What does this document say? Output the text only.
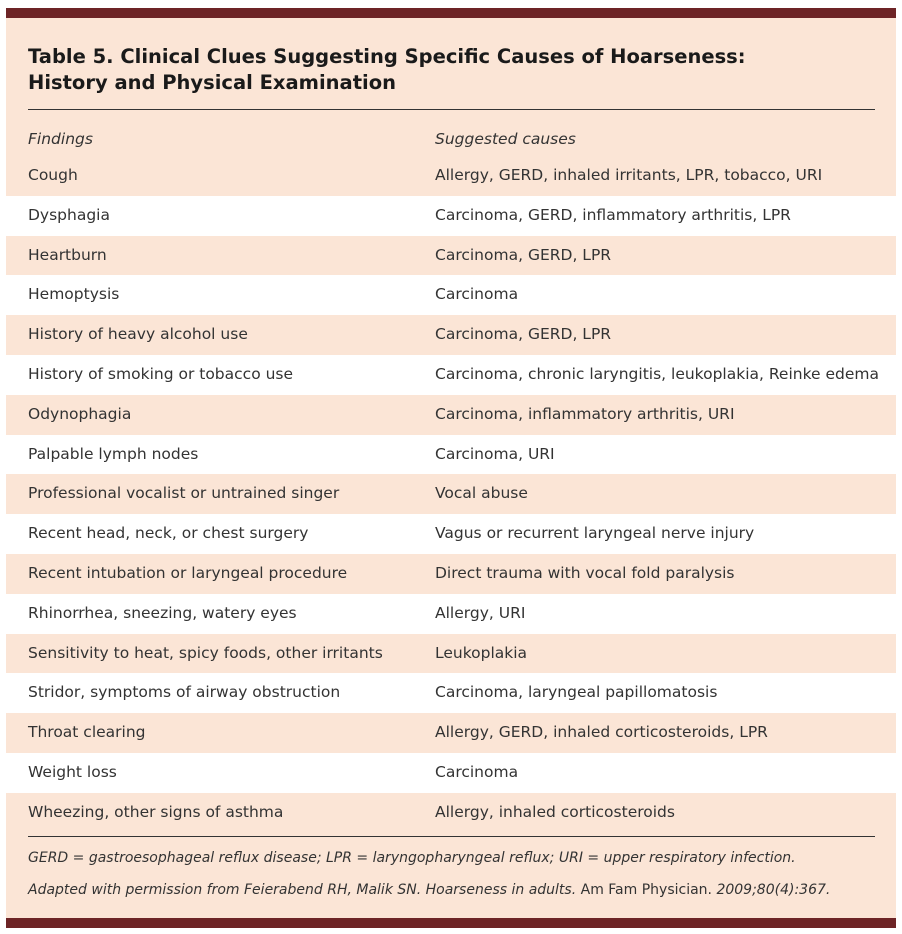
Table 5. Clinical Clues Suggesting Specific Causes of Hoarseness:
History and Physical Examination
Findings	Suggested causes
Cough	Allergy, GERD, inhaled irritants, LPR, tobacco, URI
Dysphagia	Carcinoma, GERD, inflammatory arthritis, LPR
Heartburn	Carcinoma, GERD, LPR
Hemoptysis	Carcinoma
History of heavy alcohol use	Carcinoma, GERD, LPR
History of smoking or tobacco use	Carcinoma, chronic laryngitis, leukoplakia, Reinke edema
Odynophagia	Carcinoma, inflammatory arthritis, URI
Palpable lymph nodes	Carcinoma, URI
Professional vocalist or untrained singer	Vocal abuse
Recent head, neck, or chest surgery	Vagus or recurrent laryngeal nerve injury
Recent intubation or laryngeal procedure	Direct trauma with vocal fold paralysis
Rhinorrhea, sneezing, watery eyes	Allergy, URI
Sensitivity to heat, spicy foods, other irritants	Leukoplakia
Stridor, symptoms of airway obstruction	Carcinoma, laryngeal papillomatosis
Throat clearing	Allergy, GERD, inhaled corticosteroids, LPR
Weight loss	Carcinoma
Wheezing, other signs of asthma	Allergy, inhaled corticosteroids
GERD = gastroesophageal reflux disease; LPR = laryngopharyngeal reflux; URI = upper respiratory infection.
Adapted with permission from Feierabend RH, Malik SN. Hoarseness in adults. Am Fam Physician. 2009;80(4):367.
